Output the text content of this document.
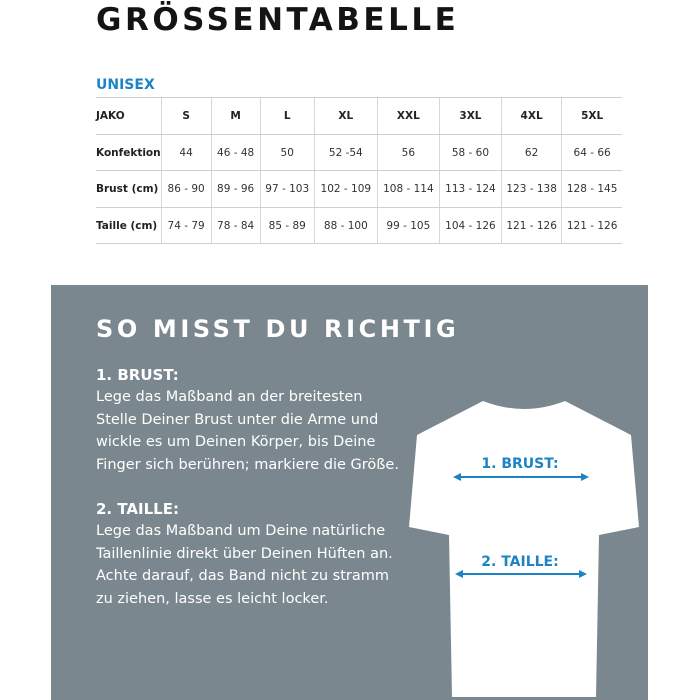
GRÖSSENTABELLE
UNISEX
JAKO	S	M	L	XL	XXL	3XL	4XL	5XL
Konfektion	44	46 - 48	50	52 -54	56	58 - 60	62	64 - 66
Brust (cm)	86 - 90	89 - 96	97 - 103	102 - 109	108 - 114	113 - 124	123 - 138	128 - 145
Taille (cm)	74 - 79	78 - 84	85 - 89	88 - 100	99 - 105	104 - 126	121 - 126	121 - 126
SO MISST DU RICHTIG
1. BRUST:

Lege das Maßband an der breitesten
Stelle Deiner Brust unter die Arme und
wickle es um Deinen Körper, bis Deine
Finger sich berühren; markiere die Größe.

2. TAILLE:

Lege das Maßband um Deine natürliche
Taillenlinie direkt über Deinen Hüften an.
Achte darauf, das Band nicht zu stramm
zu ziehen, lasse es leicht locker.

1. BRUST:
2. TAILLE:
